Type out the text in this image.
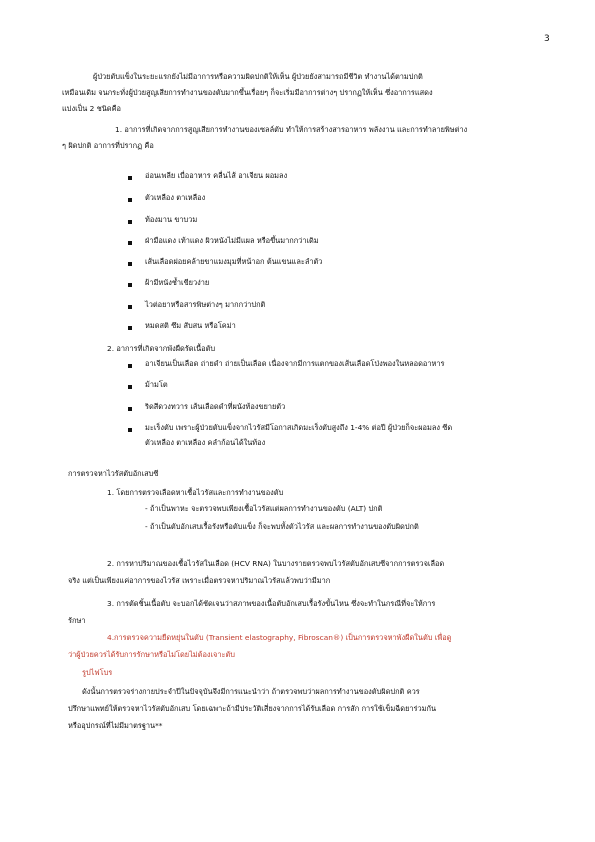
3
ผู้ป่วยตับแข็งในระยะแรกยังไม่มีอาการหรือความผิดปกติให้เห็น ผู้ป่วยยังสามารถมีชีวิต ทำงานได้ตามปกติ
เหมือนเดิม จนกระทั่งผู้ป่วยสูญเสียการทำงานของตับมากขึ้นเรื่อยๆ ก็จะเริ่มมีอาการต่างๆ ปรากฏให้เห็น ซึ่งอาการแสดง
แบ่งเป็น 2 ชนิดคือ
1. อาการที่เกิดจากการสูญเสียการทำงานของเซลล์ตับ ทำให้การสร้างสารอาหาร พลังงาน และการทำลายพิษต่าง
ๆ ผิดปกติ อาการที่ปรากฏ คือ
อ่อนเพลีย เบื่ออาหาร คลื่นไส้ อาเจียน ผอมลง
ตัวเหลือง ตาเหลือง
ท้องมาน ขาบวม
ฝ่ามือแดง เท้าแดง ผิวหนังไม่มีแผล หรือขึ้นมากกว่าเดิม
เส้นเลือดฝอยคล้ายขาแมงมุมที่หน้าอก ต้นแขนและลำตัว
ฝ้ามีหนังช้ำเขียวง่าย
ไวต่อยาหรือสารพิษต่างๆ มากกว่าปกติ
หมดสติ ซึม สับสน หรือโคม่า
2. อาการที่เกิดจากพังผืดรัดเนื้อตับ
อาเจียนเป็นเลือด ถ่ายดำ ถ่ายเป็นเลือด เนื่องจากมีการแตกของเส้นเลือดโป่งพองในหลอดอาหาร
ม้ามโต
ริดสีดวงทวาร เส้นเลือดดำที่ผนังท้องขยายตัว
มะเร็งตับ เพราะผู้ป่วยตับแข็งจากไวรัสมีโอกาสเกิดมะเร็งตับสูงถึง 1-4% ต่อปี ผู้ป่วยก็จะผอมลง ซีด
ตัวเหลือง ตาเหลือง คลำก้อนได้ในท้อง
การตรวจหาไวรัสตับอักเสบซี
1. โดยการตรวจเลือดหาเชื้อไวรัสและการทำงานของตับ
- ถ้าเป็นพาหะ จะตรวจพบเพียงเชื้อไวรัสแต่ผลการทำงานของตับ (ALT) ปกติ
- ถ้าเป็นตับอักเสบเรื้อรังหรือตับแข็ง ก็จะพบทั้งตัวไวรัส และผลการทำงานของตับผิดปกติ
2. การหาปริมาณของเชื้อไวรัสในเลือด (HCV RNA) ในบางรายตรวจพบไวรัสตับอักเสบซีจากการตรวจเลือด
จริง แต่เป็นเพียงแค่อาการของไวรัส เพราะเมื่อตรวจหาปริมาณไวรัสแล้วพบว่ามีมาก
3. การตัดชิ้นเนื้อตับ จะบอกได้ชัดเจนว่าสภาพของเนื้อตับอักเสบเรื้อรังขั้นไหน ซึ่งจะทำในกรณีที่จะให้การ
รักษา
4.การตรวจความยืดหยุ่นในตับ (Transient elastography, Fibroscan®) เป็นการตรวจหาพังผืดในตับ เพื่อดู
ว่าผู้ป่วยควรได้รับการรักษาหรือไม่โดยไม่ต้องเจาะตับ
รูปไฟโบร
ดังนั้นการตรวจร่างกายประจำปีในปัจจุบันจึงมีการแนะนำว่า ถ้าตรวจพบว่าผลการทำงานของตับผิดปกติ ควร
ปรึกษาแพทย์ให้ตรวจหาไวรัสตับอักเสบ โดยเฉพาะถ้ามีประวัติเสี่ยงจากการได้รับเลือด การสัก การใช้เข็มฉีดยาร่วมกัน
หรืออุปกรณ์ที่ไม่มีมาตรฐาน**
